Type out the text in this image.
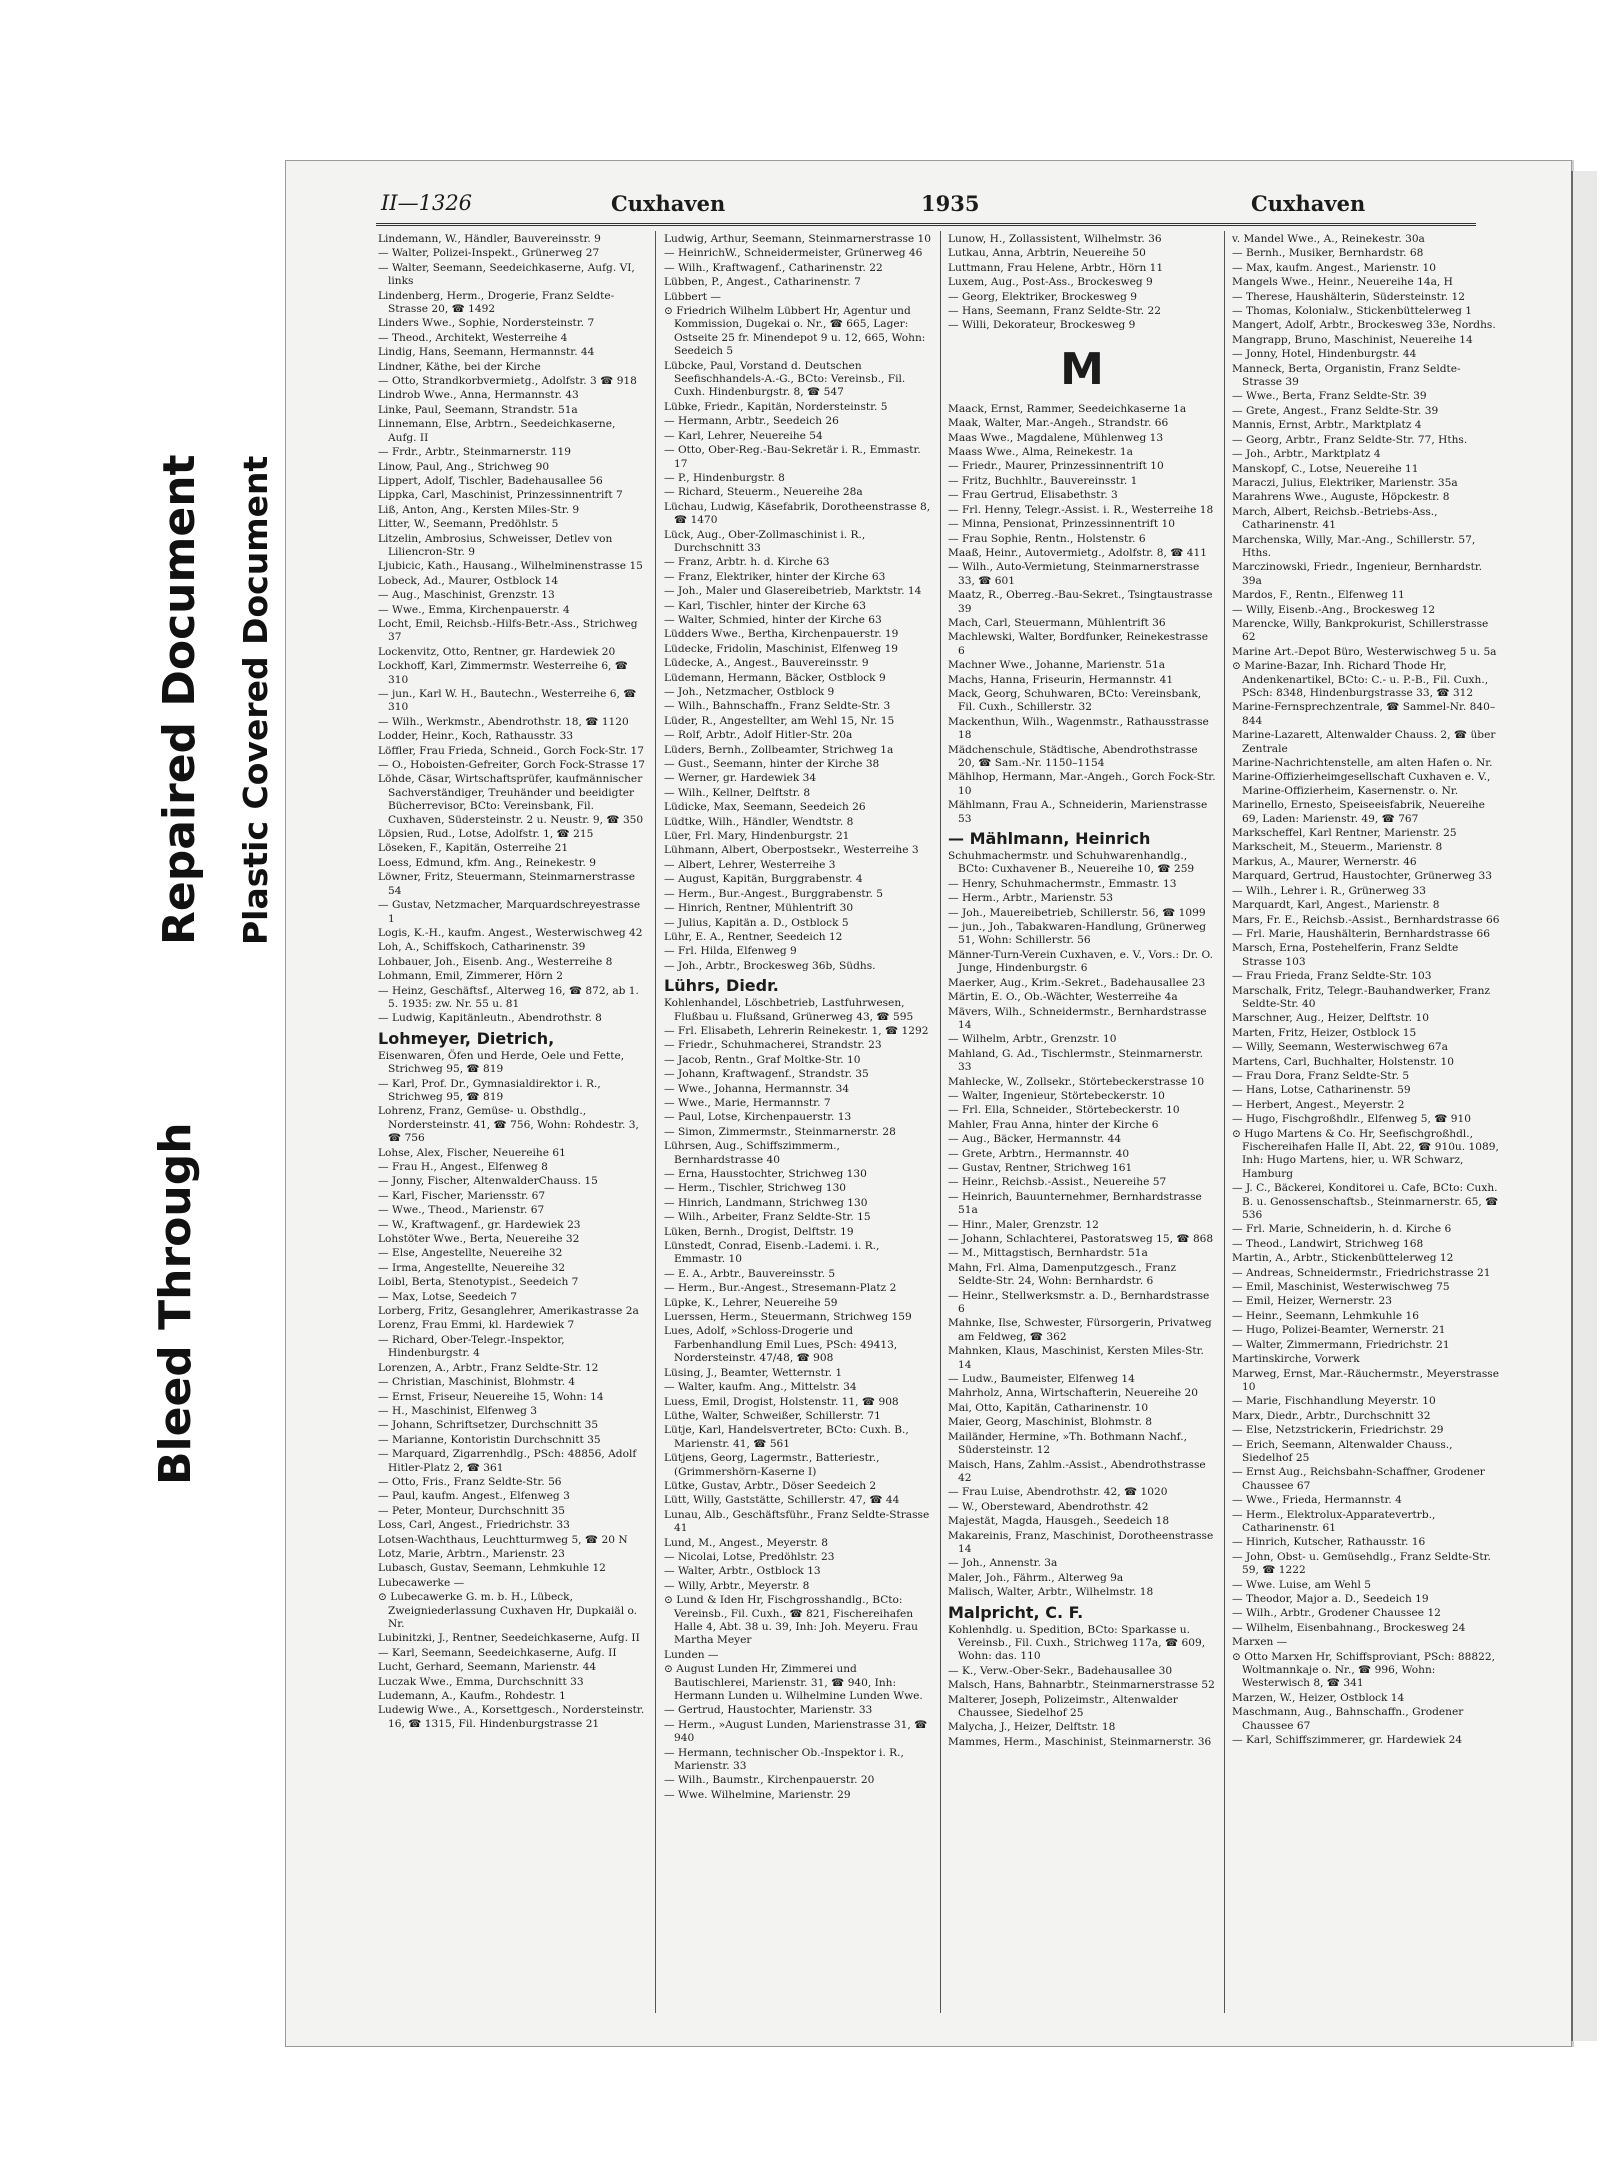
Bleed Through
Repaired Document Plastic Covered Document
II—1326	Cuxhaven	1935	Cuxhaven
Lindemann, W., Händler, Bauvereinsstr. 9
— Walter, Polizei-Inspekt., Grünerweg 27
— Walter, Seemann, Seedeichkaserne, Aufg. VI, links
Lindenberg, Herm., Drogerie, Franz Seldte-Strasse 20, ☎ 1492
Linders Wwe., Sophie, Nordersteinstr. 7
— Theod., Architekt, Westerreihe 4
Lindig, Hans, Seemann, Hermannstr. 44
Lindner, Käthe, bei der Kirche
— Otto, Strandkorbvermietg., Adolfstr. 3 ☎ 918
Lindrob Wwe., Anna, Hermannstr. 43
Linke, Paul, Seemann, Strandstr. 51a
Linnemann, Else, Arbtrn., Seedeichkaserne, Aufg. II
— Frdr., Arbtr., Steinmarnerstr. 119
Linow, Paul, Ang., Strichweg 90
Lippert, Adolf, Tischler, Badehausallee 56
Lippka, Carl, Maschinist, Prinzessinnentrift 7
Liß, Anton, Ang., Kersten Miles-Str. 9
Litter, W., Seemann, Predöhlstr. 5
Litzelin, Ambrosius, Schweisser, Detlev von Liliencron-Str. 9
Ljubicic, Kath., Hausang., Wilhelminenstrasse 15
Lobeck, Ad., Maurer, Ostblock 14
— Aug., Maschinist, Grenzstr. 13
— Wwe., Emma, Kirchenpauerstr. 4
Locht, Emil, Reichsb.-Hilfs-Betr.-Ass., Strichweg 37
Lockenvitz, Otto, Rentner, gr. Hardewiek 20
Lockhoff, Karl, Zimmermstr. Westerreihe 6, ☎ 310
— jun., Karl W. H., Bautechn., Westerreihe 6, ☎ 310
— Wilh., Werkmstr., Abendrothstr. 18, ☎ 1120
Lodder, Heinr., Koch, Rathausstr. 33
Löffler, Frau Frieda, Schneid., Gorch Fock-Str. 17
— O., Hoboisten-Gefreiter, Gorch Fock-Strasse 17
Löhde, Cäsar, Wirtschaftsprüfer, kaufmännischer Sachverständiger, Treuhänder und beeidigter Bücherrevisor, BCto: Vereinsbank, Fil. Cuxhaven, Südersteinstr. 2 u. Neustr. 9, ☎ 350
Löpsien, Rud., Lotse, Adolfstr. 1, ☎ 215
Löseken, F., Kapitän, Osterreihe 21
Loess, Edmund, kfm. Ang., Reinekestr. 9
Löwner, Fritz, Steuermann, Steinmarnerstrasse 54
— Gustav, Netzmacher, Marquardschreyestrasse 1
Logis, K.-H., kaufm. Angest., Westerwischweg 42
Loh, A., Schiffskoch, Catharinenstr. 39
Lohbauer, Joh., Eisenb. Ang., Westerreihe 8
Lohmann, Emil, Zimmerer, Hörn 2
— Heinz, Geschäftsf., Alterweg 16, ☎ 872, ab 1. 5. 1935: zw. Nr. 55 u. 81
— Ludwig, Kapitänleutn., Abendrothstr. 8
Lohmeyer, Dietrich,
Eisenwaren, Öfen und Herde, Oele und Fette, Strichweg 95, ☎ 819
— Karl, Prof. Dr., Gymnasialdirektor i. R., Strichweg 95, ☎ 819
Lohrenz, Franz, Gemüse- u. Obsthdlg., Nordersteinstr. 41, ☎ 756, Wohn: Rohdestr. 3, ☎ 756
Lohse, Alex, Fischer, Neuereihe 61
— Frau H., Angest., Elfenweg 8
— Jonny, Fischer, AltenwalderChauss. 15
— Karl, Fischer, Mariensstr. 67
— Wwe., Theod., Marienstr. 67
— W., Kraftwagenf., gr. Hardewiek 23
Lohstöter Wwe., Berta, Neuereihe 32
— Else, Angestellte, Neuereihe 32
— Irma, Angestellte, Neuereihe 32
Loibl, Berta, Stenotypist., Seedeich 7
— Max, Lotse, Seedeich 7
Lorberg, Fritz, Gesanglehrer, Amerikastrasse 2a
Lorenz, Frau Emmi, kl. Hardewiek 7
— Richard, Ober-Telegr.-Inspektor, Hindenburgstr. 4
Lorenzen, A., Arbtr., Franz Seldte-Str. 12
— Christian, Maschinist, Blohmstr. 4
— Ernst, Friseur, Neuereihe 15, Wohn: 14
— H., Maschinist, Elfenweg 3
— Johann, Schriftsetzer, Durchschnitt 35
— Marianne, Kontoristin Durchschnitt 35
— Marquard, Zigarrenhdlg., PSch: 48856, Adolf Hitler-Platz 2, ☎ 361
— Otto, Fris., Franz Seldte-Str. 56
— Paul, kaufm. Angest., Elfenweg 3
— Peter, Monteur, Durchschnitt 35
Loss, Carl, Angest., Friedrichstr. 33
Lotsen-Wachthaus, Leuchtturmweg 5, ☎ 20 N
Lotz, Marie, Arbtrn., Marienstr. 23
Lubasch, Gustav, Seemann, Lehmkuhle 12
Lubecawerke —
⊙ Lubecawerke G. m. b. H., Lübeck, Zweigniederlassung Cuxhaven Hr, Dupkaiäl o. Nr.
Lubinitzki, J., Rentner, Seedeichkaserne, Aufg. II
— Karl, Seemann, Seedeichkaserne, Aufg. II
Lucht, Gerhard, Seemann, Marienstr. 44
Luczak Wwe., Emma, Durchschnitt 33
Ludemann, A., Kaufm., Rohdestr. 1
Ludewig Wwe., A., Korsettgesch., Nordersteinstr. 16, ☎ 1315, Fil. Hindenburgstrasse 21
Ludwig, Arthur, Seemann, Steinmarnerstrasse 10
— HeinrichW., Schneidermeister, Grünerweg 46
— Wilh., Kraftwagenf., Catharinenstr. 22
Lübben, P., Angest., Catharinenstr. 7
Lübbert —
⊙ Friedrich Wilhelm Lübbert Hr, Agentur und Kommission, Dugekai o. Nr., ☎ 665, Lager: Ostseite 25 fr. Minendepot 9 u. 12, 665, Wohn: Seedeich 5
Lübcke, Paul, Vorstand d. Deutschen Seefischhandels-A.-G., BCto: Vereinsb., Fil. Cuxh. Hindenburgstr. 8, ☎ 547
Lübke, Friedr., Kapitän, Nordersteinstr. 5
— Hermann, Arbtr., Seedeich 26
— Karl, Lehrer, Neuereihe 54
— Otto, Ober-Reg.-Bau-Sekretär i. R., Emmastr. 17
— P., Hindenburgstr. 8
— Richard, Steuerm., Neuereihe 28a
Lüchau, Ludwig, Käsefabrik, Dorotheenstrasse 8, ☎ 1470
Lück, Aug., Ober-Zollmaschinist i. R., Durchschnitt 33
— Franz, Arbtr. h. d. Kirche 63
— Franz, Elektriker, hinter der Kirche 63
— Joh., Maler und Glasereibetrieb, Marktstr. 14
— Karl, Tischler, hinter der Kirche 63
— Walter, Schmied, hinter der Kirche 63
Lüdders Wwe., Bertha, Kirchenpauerstr. 19
Lüdecke, Fridolin, Maschinist, Elfenweg 19
Lüdecke, A., Angest., Bauvereinsstr. 9
Lüdemann, Hermann, Bäcker, Ostblock 9
— Joh., Netzmacher, Ostblock 9
— Wilh., Bahnschaffn., Franz Seldte-Str. 3
Lüder, R., Angestellter, am Wehl 15, Nr. 15
— Rolf, Arbtr., Adolf Hitler-Str. 20a
Lüders, Bernh., Zollbeamter, Strichweg 1a
— Gust., Seemann, hinter der Kirche 38
— Werner, gr. Hardewiek 34
— Wilh., Kellner, Delftstr. 8
Lüdicke, Max, Seemann, Seedeich 26
Lüdtke, Wilh., Händler, Wendtstr. 8
Lüer, Frl. Mary, Hindenburgstr. 21
Lühmann, Albert, Oberpostsekr., Westerreihe 3
— Albert, Lehrer, Westerreihe 3
— August, Kapitän, Burggrabenstr. 4
— Herm., Bur.-Angest., Burggrabenstr. 5
— Hinrich, Rentner, Mühlentrift 30
— Julius, Kapitän a. D., Ostblock 5
Lühr, E. A., Rentner, Seedeich 12
— Frl. Hilda, Elfenweg 9
— Joh., Arbtr., Brockesweg 36b, Südhs.
Lührs, Diedr.
Kohlenhandel, Löschbetrieb, Lastfuhrwesen, Flußbau u. Flußsand, Grünerweg 43, ☎ 595
— Frl. Elisabeth, Lehrerin Reinekestr. 1, ☎ 1292
— Friedr., Schuhmacherei, Strandstr. 23
— Jacob, Rentn., Graf Moltke-Str. 10
— Johann, Kraftwagenf., Strandstr. 35
— Wwe., Johanna, Hermannstr. 34
— Wwe., Marie, Hermannstr. 7
— Paul, Lotse, Kirchenpauerstr. 13
— Simon, Zimmermstr., Steinmarnerstr. 28
Lührsen, Aug., Schiffszimmerm., Bernhardstrasse 40
— Erna, Hausstochter, Strichweg 130
— Herm., Tischler, Strichweg 130
— Hinrich, Landmann, Strichweg 130
— Wilh., Arbeiter, Franz Seldte-Str. 15
Lüken, Bernh., Drogist, Delftstr. 19
Lünstedt, Conrad, Eisenb.-Lademi. i. R., Emmastr. 10
— E. A., Arbtr., Bauvereinsstr. 5
— Herm., Bur.-Angest., Stresemann-Platz 2
Lüpke, K., Lehrer, Neuereihe 59
Luerssen, Herm., Steuermann, Strichweg 159
Lues, Adolf, »Schloss-Drogerie und Farbenhandlung Emil Lues, PSch: 49413, Nordersteinstr. 47/48, ☎ 908
Lüsing, J., Beamter, Wetternstr. 1
— Walter, kaufm. Ang., Mittelstr. 34
Luess, Emil, Drogist, Holstenstr. 11, ☎ 908
Lüthe, Walter, Schweißer, Schillerstr. 71
Lütje, Karl, Handelsvertreter, BCto: Cuxh. B., Marienstr. 41, ☎ 561
Lütjens, Georg, Lagermstr., Batteriestr., (Grimmershörn-Kaserne I)
Lütke, Gustav, Arbtr., Döser Seedeich 2
Lütt, Willy, Gaststätte, Schillerstr. 47, ☎ 44
Lunau, Alb., Geschäftsführ., Franz Seldte-Strasse 41
Lund, M., Angest., Meyerstr. 8
— Nicolai, Lotse, Predöhlstr. 23
— Walter, Arbtr., Ostblock 13
— Willy, Arbtr., Meyerstr. 8
⊙ Lund & Iden Hr, Fischgrosshandlg., BCto: Vereinsb., Fil. Cuxh., ☎ 821, Fischereihafen Halle 4, Abt. 38 u. 39, Inh: Joh. Meyeru. Frau Martha Meyer
Lunden —
⊙ August Lunden Hr, Zimmerei und Bautischlerei, Marienstr. 31, ☎ 940, Inh: Hermann Lunden u. Wilhelmine Lunden Wwe.
— Gertrud, Haustochter, Marienstr. 33
— Herm., »August Lunden, Marienstrasse 31, ☎ 940
— Hermann, technischer Ob.-Inspektor i. R., Marienstr. 33
— Wilh., Baumstr., Kirchenpauerstr. 20
— Wwe. Wilhelmine, Marienstr. 29
Lunow, H., Zollassistent, Wilhelmstr. 36
Lutkau, Anna, Arbtrin, Neuereihe 50
Luttmann, Frau Helene, Arbtr., Hörn 11
Luxem, Aug., Post-Ass., Brockesweg 9
— Georg, Elektriker, Brockesweg 9
— Hans, Seemann, Franz Seldte-Str. 22
— Willi, Dekorateur, Brockesweg 9
M
Maack, Ernst, Rammer, Seedeichkaserne 1a
Maak, Walter, Mar.-Angeh., Strandstr. 66
Maas Wwe., Magdalene, Mühlenweg 13
Maass Wwe., Alma, Reinekestr. 1a
— Friedr., Maurer, Prinzessinnentrift 10
— Fritz, Buchhltr., Bauvereinsstr. 1
— Frau Gertrud, Elisabethstr. 3
— Frl. Henny, Telegr.-Assist. i. R., Westerreihe 18
— Minna, Pensionat, Prinzessinnentrift 10
— Frau Sophie, Rentn., Holstenstr. 6
Maaß, Heinr., Autovermietg., Adolfstr. 8, ☎ 411
— Wilh., Auto-Vermietung, Steinmarnerstrasse 33, ☎ 601
Maatz, R., Oberreg.-Bau-Sekret., Tsingtaustrasse 39
Mach, Carl, Steuermann, Mühlentrift 36
Machlewski, Walter, Bordfunker, Reinekestrasse 6
Machner Wwe., Johanne, Marienstr. 51a
Machs, Hanna, Friseurin, Hermannstr. 41
Mack, Georg, Schuhwaren, BCto: Vereinsbank, Fil. Cuxh., Schillerstr. 32
Mackenthun, Wilh., Wagenmstr., Rathausstrasse 18
Mädchenschule, Städtische, Abendrothstrasse 20, ☎ Sam.-Nr. 1150–1154
Mählhop, Hermann, Mar.-Angeh., Gorch Fock-Str. 10
Mählmann, Frau A., Schneiderin, Marienstrasse 53
— Mählmann, Heinrich
Schuhmachermstr. und Schuhwarenhandlg., BCto: Cuxhavener B., Neuereihe 10, ☎ 259
— Henry, Schuhmachermstr., Emmastr. 13
— Herm., Arbtr., Marienstr. 53
— Joh., Mauereibetrieb, Schillerstr. 56, ☎ 1099
— jun., Joh., Tabakwaren-Handlung, Grünerweg 51, Wohn: Schillerstr. 56
Männer-Turn-Verein Cuxhaven, e. V., Vors.: Dr. O. Junge, Hindenburgstr. 6
Maerker, Aug., Krim.-Sekret., Badehausallee 23
Märtin, E. O., Ob.-Wächter, Westerreihe 4a
Mävers, Wilh., Schneidermstr., Bernhardstrasse 14
— Wilhelm, Arbtr., Grenzstr. 10
Mahland, G. Ad., Tischlermstr., Steinmarnerstr. 33
Mahlecke, W., Zollsekr., Störtebeckerstrasse 10
— Walter, Ingenieur, Störtebeckerstr. 10
— Frl. Ella, Schneider., Störtebeckerstr. 10
Mahler, Frau Anna, hinter der Kirche 6
— Aug., Bäcker, Hermannstr. 44
— Grete, Arbtrn., Hermannstr. 40
— Gustav, Rentner, Strichweg 161
— Heinr., Reichsb.-Assist., Neuereihe 57
— Heinrich, Bauunternehmer, Bernhardstrasse 51a
— Hinr., Maler, Grenzstr. 12
— Johann, Schlachterei, Pastoratsweg 15, ☎ 868
— M., Mittagstisch, Bernhardstr. 51a
Mahn, Frl. Alma, Damenputzgesch., Franz Seldte-Str. 24, Wohn: Bernhardstr. 6
— Heinr., Stellwerksmstr. a. D., Bernhardstrasse 6
Mahnke, Ilse, Schwester, Fürsorgerin, Privatweg am Feldweg, ☎ 362
Mahnken, Klaus, Maschinist, Kersten Miles-Str. 14
— Ludw., Baumeister, Elfenweg 14
Mahrholz, Anna, Wirtschafterin, Neuereihe 20
Mai, Otto, Kapitän, Catharinenstr. 10
Maier, Georg, Maschinist, Blohmstr. 8
Mailänder, Hermine, »Th. Bothmann Nachf., Südersteinstr. 12
Maisch, Hans, Zahlm.-Assist., Abendrothstrasse 42
— Frau Luise, Abendrothstr. 42, ☎ 1020
— W., Obersteward, Abendrothstr. 42
Majestät, Magda, Hausgeh., Seedeich 18
Makareinis, Franz, Maschinist, Dorotheenstrasse 14
— Joh., Annenstr. 3a
Maler, Joh., Fährm., Alterweg 9a
Malisch, Walter, Arbtr., Wilhelmstr. 18
Malpricht, C. F.
Kohlenhdlg. u. Spedition, BCto: Sparkasse u. Vereinsb., Fil. Cuxh., Strichweg 117a, ☎ 609, Wohn: das. 110
— K., Verw.-Ober-Sekr., Badehausallee 30
Malsch, Hans, Bahnarbtr., Steinmarnerstrasse 52
Malterer, Joseph, Polizeimstr., Altenwalder Chaussee, Siedelhof 25
Malycha, J., Heizer, Delftstr. 18
Mammes, Herm., Maschinist, Steinmarnerstr. 36
v. Mandel Wwe., A., Reinekestr. 30a
— Bernh., Musiker, Bernhardstr. 68
— Max, kaufm. Angest., Marienstr. 10
Mangels Wwe., Heinr., Neuereihe 14a, H
— Therese, Haushälterin, Südersteinstr. 12
— Thomas, Kolonialw., Stickenbüttelerweg 1
Mangert, Adolf, Arbtr., Brockesweg 33e, Nordhs.
Mangrapp, Bruno, Maschinist, Neuereihe 14
— Jonny, Hotel, Hindenburgstr. 44
Manneck, Berta, Organistin, Franz Seldte-Strasse 39
— Wwe., Berta, Franz Seldte-Str. 39
— Grete, Angest., Franz Seldte-Str. 39
Mannis, Ernst, Arbtr., Marktplatz 4
— Georg, Arbtr., Franz Seldte-Str. 77, Hths.
— Joh., Arbtr., Marktplatz 4
Manskopf, C., Lotse, Neuereihe 11
Maraczi, Julius, Elektriker, Marienstr. 35a
Marahrens Wwe., Auguste, Höpckestr. 8
March, Albert, Reichsb.-Betriebs-Ass., Catharinenstr. 41
Marchenska, Willy, Mar.-Ang., Schillerstr. 57, Hths.
Marczinowski, Friedr., Ingenieur, Bernhardstr. 39a
Mardos, F., Rentn., Elfenweg 11
— Willy, Eisenb.-Ang., Brockesweg 12
Marencke, Willy, Bankprokurist, Schillerstrasse 62
Marine Art.-Depot Büro, Westerwischweg 5 u. 5a
⊙ Marine-Bazar, Inh. Richard Thode Hr, Andenkenartikel, BCto: C.- u. P.-B., Fil. Cuxh., PSch: 8348, Hindenburgstrasse 33, ☎ 312
Marine-Fernsprechzentrale, ☎ Sammel-Nr. 840–844
Marine-Lazarett, Altenwalder Chauss. 2, ☎ über Zentrale
Marine-Nachrichtenstelle, am alten Hafen o. Nr.
Marine-Offizierheimgesellschaft Cuxhaven e. V., Marine-Offizierheim, Kasernenstr. o. Nr.
Marinello, Ernesto, Speiseeisfabrik, Neuereihe 69, Laden: Marienstr. 49, ☎ 767
Markscheffel, Karl Rentner, Marienstr. 25
Markscheit, M., Steuerm., Marienstr. 8
Markus, A., Maurer, Wernerstr. 46
Marquard, Gertrud, Haustochter, Grünerweg 33
— Wilh., Lehrer i. R., Grünerweg 33
Marquardt, Karl, Angest., Marienstr. 8
Mars, Fr. E., Reichsb.-Assist., Bernhardstrasse 66
— Frl. Marie, Haushälterin, Bernhardstrasse 66
Marsch, Erna, Postehelferin, Franz Seldte Strasse 103
— Frau Frieda, Franz Seldte-Str. 103
Marschalk, Fritz, Telegr.-Bauhandwerker, Franz Seldte-Str. 40
Marschner, Aug., Heizer, Delftstr. 10
Marten, Fritz, Heizer, Ostblock 15
— Willy, Seemann, Westerwischweg 67a
Martens, Carl, Buchhalter, Holstenstr. 10
— Frau Dora, Franz Seldte-Str. 5
— Hans, Lotse, Catharinenstr. 59
— Herbert, Angest., Meyerstr. 2
— Hugo, Fischgroßhdlr., Elfenweg 5, ☎ 910
⊙ Hugo Martens & Co. Hr, Seefischgroßhdl., Fischereihafen Halle II, Abt. 22, ☎ 910u. 1089, Inh: Hugo Martens, hier, u. WR Schwarz, Hamburg
— J. C., Bäckerei, Konditorei u. Cafe, BCto: Cuxh. B. u. Genossenschaftsb., Steinmarnerstr. 65, ☎ 536
— Frl. Marie, Schneiderin, h. d. Kirche 6
— Theod., Landwirt, Strichweg 168
Martin, A., Arbtr., Stickenbüttelerweg 12
— Andreas, Schneidermstr., Friedrichstrasse 21
— Emil, Maschinist, Westerwischweg 75
— Emil, Heizer, Wernerstr. 23
— Heinr., Seemann, Lehmkuhle 16
— Hugo, Polizei-Beamter, Wernerstr. 21
— Walter, Zimmermann, Friedrichstr. 21
Martinskirche, Vorwerk
Marweg, Ernst, Mar.-Räuchermstr., Meyerstrasse 10
— Marie, Fischhandlung Meyerstr. 10
Marx, Diedr., Arbtr., Durchschnitt 32
— Else, Netzstrickerin, Friedrichstr. 29
— Erich, Seemann, Altenwalder Chauss., Siedelhof 25
— Ernst Aug., Reichsbahn-Schaffner, Grodener Chaussee 67
— Wwe., Frieda, Hermannstr. 4
— Herm., Elektrolux-Apparatevertrb., Catharinenstr. 61
— Hinrich, Kutscher, Rathausstr. 16
— John, Obst- u. Gemüsehdlg., Franz Seldte-Str. 59, ☎ 1222
— Wwe. Luise, am Wehl 5
— Theodor, Major a. D., Seedeich 19
— Wilh., Arbtr., Grodener Chaussee 12
— Wilhelm, Eisenbahnang., Brockesweg 24
Marxen —
⊙ Otto Marxen Hr, Schiffsproviant, PSch: 88822, Woltmannkaje o. Nr., ☎ 996, Wohn: Westerwisch 8, ☎ 341
Marzen, W., Heizer, Ostblock 14
Maschmann, Aug., Bahnschaffn., Grodener Chaussee 67
— Karl, Schiffszimmerer, gr. Hardewiek 24
